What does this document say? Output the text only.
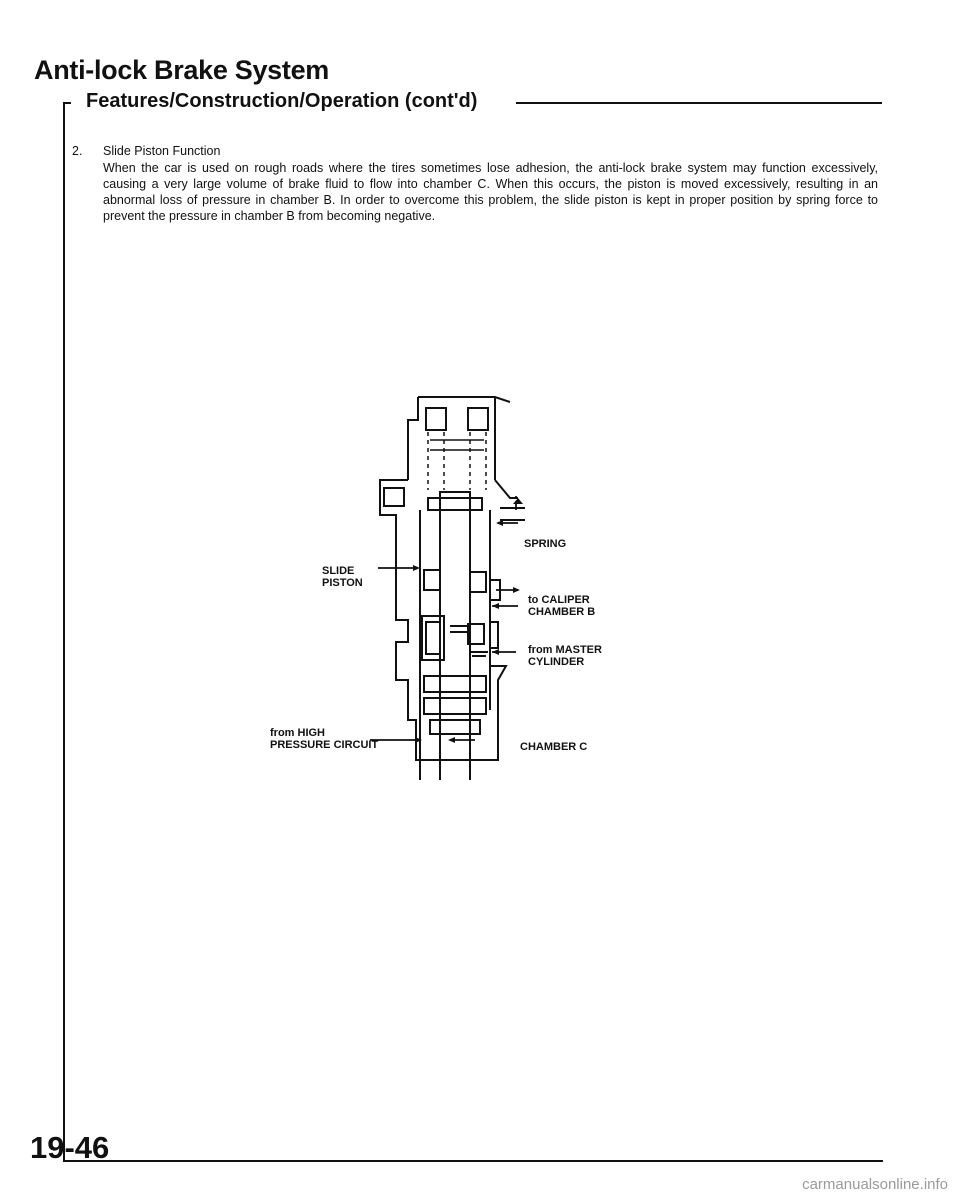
Anti-lock Brake System
Features/Construction/Operation (cont'd)
2. Slide Piston Function
When the car is used on rough roads where the tires sometimes lose adhesion, the anti-lock brake system may function excessively, causing a very large volume of brake fluid to flow into chamber C. When this occurs, the piston is moved excessively, resulting in an abnormal loss of pressure in chamber B. In order to overcome this problem, the slide piston is kept in proper position by spring force to prevent the pressure in chamber B from becoming negative.
SPRING
SLIDE
PISTON
to CALIPER
CHAMBER B
from MASTER
CYLINDER
from HIGH
PRESSURE CIRCUIT	CHAMBER C
19-46
carmanualsonline.info
